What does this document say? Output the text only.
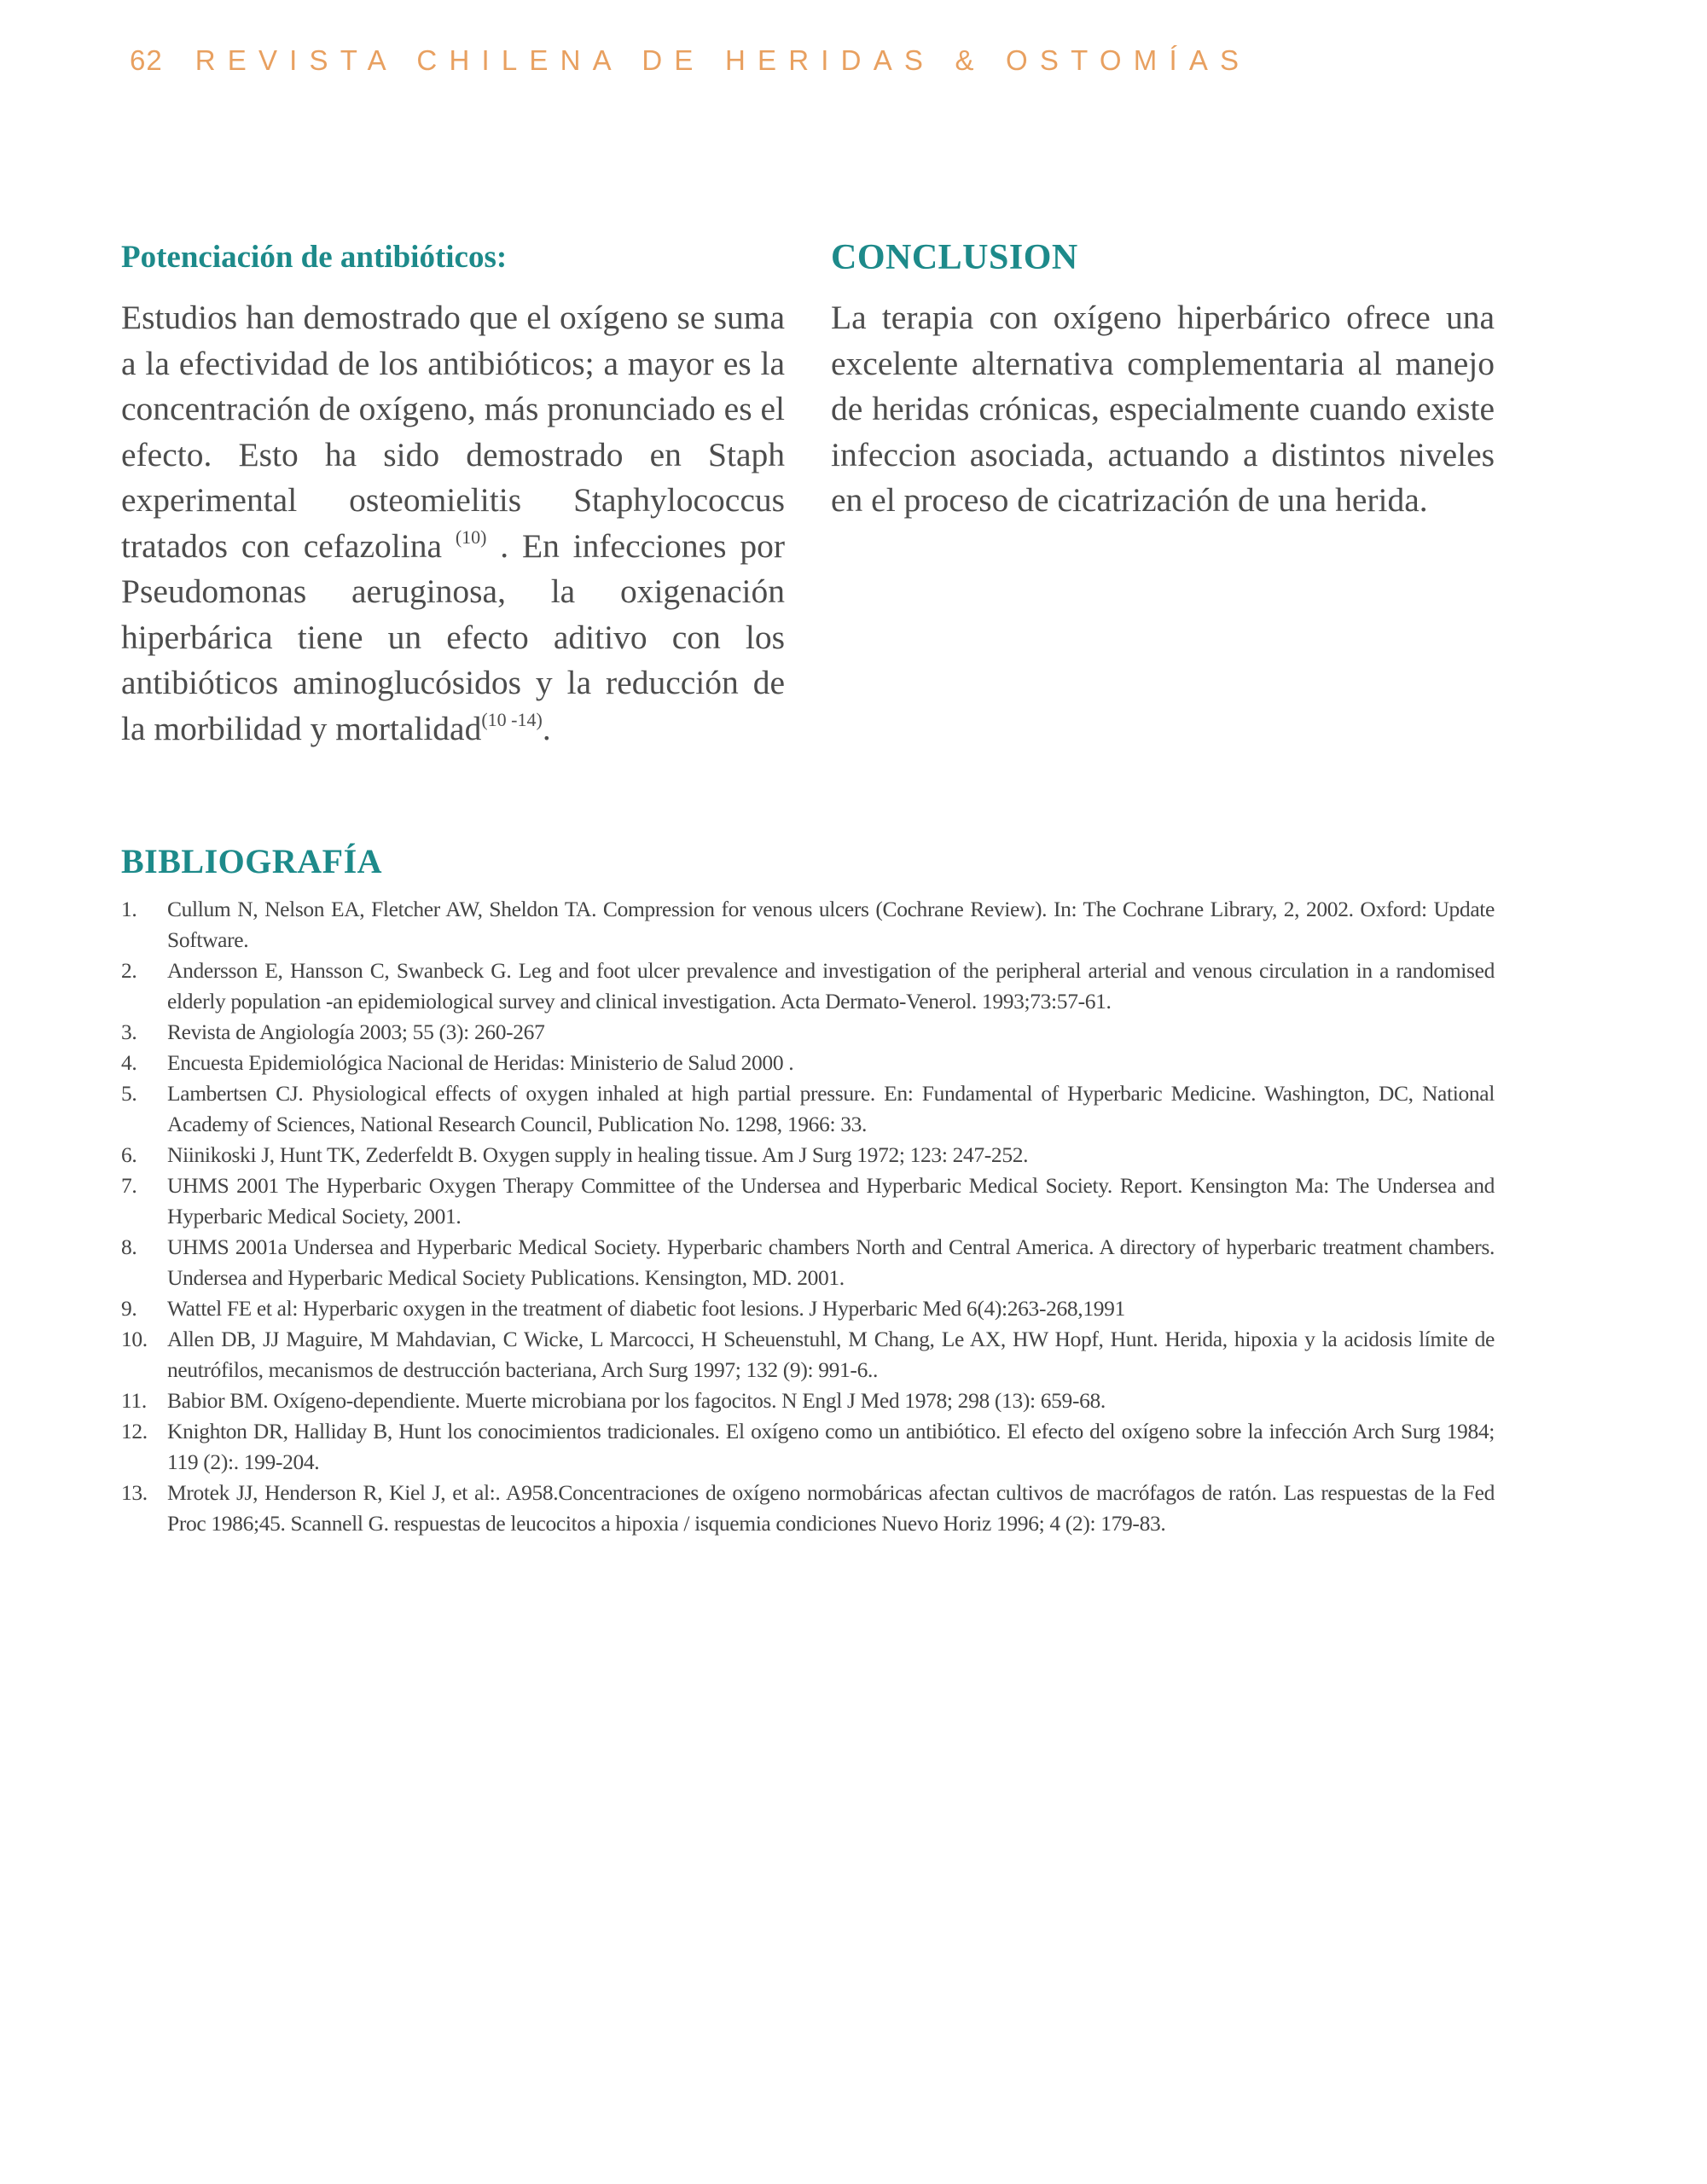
62 REVISTA CHILENA DE HERIDAS & OSTOMÍAS
Potenciación de antibióticos:

Estudios han demostrado que el oxígeno se suma a la efectividad de los antibióticos; a mayor es la concentración de oxígeno, más pronunciado es el efecto. Esto ha sido demostrado en Staph experimental osteomielitis Staphylococcus tratados con cefazolina $^{(10)}$ . En infecciones por Pseudomonas aeruginosa, la oxigenación hiperbárica tiene un efecto aditivo con los antibióticos aminoglucósidos y la reducción de la morbilidad y mortalidad$^{(10 -14)}$.

CONCLUSION

La terapia con oxígeno hiperbárico ofrece una excelente alternativa complementaria al manejo de heridas crónicas, especialmente cuando existe infeccion asociada, actuando a distintos niveles en el proceso de cicatrización de una herida.

BIBLIOGRAFÍA
1. Cullum N, Nelson EA, Fletcher AW, Sheldon TA. Compression for venous ulcers (Cochrane Review). In: The Cochrane Library, 2, 2002. Oxford: Update Software.
2. Andersson E, Hansson C, Swanbeck G. Leg and foot ulcer prevalence and investigation of the peripheral arterial and venous circulation in a randomised elderly population -an epidemiological survey and clinical investigation. Acta Dermato-Venerol. 1993;73:57-61.
3. Revista de Angiología 2003; 55 (3): 260-267
4. Encuesta Epidemiológica Nacional de Heridas: Ministerio de Salud 2000 .
5. Lambertsen CJ. Physiological effects of oxygen inhaled at high partial pressure. En: Fundamental of Hyperbaric Medicine. Washington, DC, National Academy of Sciences, National Research Council, Publication No. 1298, 1966: 33.
6. Niinikoski J, Hunt TK, Zederfeldt B. Oxygen supply in healing tissue. Am J Surg 1972; 123: 247-252.
7. UHMS 2001 The Hyperbaric Oxygen Therapy Committee of the Undersea and Hyperbaric Medical Society. Report. Kensington Ma: The Undersea and Hyperbaric Medical Society, 2001.
8. UHMS 2001a Undersea and Hyperbaric Medical Society. Hyperbaric chambers North and Central America. A directory of hyperbaric treatment chambers. Undersea and Hyperbaric Medical Society Publications. Kensington, MD. 2001.
9. Wattel FE et al: Hyperbaric oxygen in the treatment of diabetic foot lesions. J Hyperbaric Med 6(4):263-268,1991
10. Allen DB, JJ Maguire, M Mahdavian, C Wicke, L Marcocci, H Scheuenstuhl, M Chang, Le AX, HW Hopf, Hunt. Herida, hipoxia y la acidosis límite de neutrófilos, mecanismos de destrucción bacteriana, Arch Surg 1997; 132 (9): 991-6..
11. Babior BM. Oxígeno-dependiente. Muerte microbiana por los fagocitos. N Engl J Med 1978; 298 (13): 659-68.
12. Knighton DR, Halliday B, Hunt los conocimientos tradicionales. El oxígeno como un antibiótico. El efecto del oxígeno sobre la infección Arch Surg 1984; 119 (2):. 199-204.
13. Mrotek JJ, Henderson R, Kiel J, et al:. A958.Concentraciones de oxígeno normobáricas afectan cultivos de macrófagos de ratón. Las respuestas de la Fed Proc 1986;45. Scannell G. respuestas de leucocitos a hipoxia / isquemia condiciones Nuevo Horiz 1996; 4 (2): 179-83.
